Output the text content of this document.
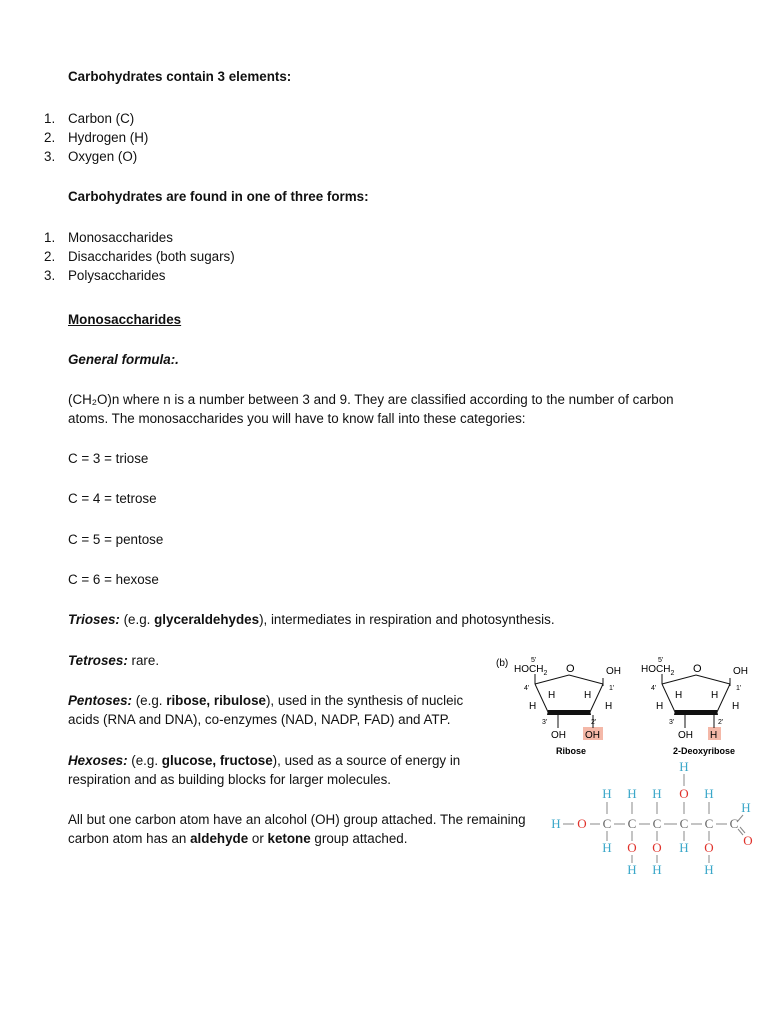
Carbohydrates contain 3 elements:
1. Carbon (C)
2. Hydrogen (H)
3. Oxygen (O)
Carbohydrates are found in one of three forms:
1. Monosaccharides
2. Disaccharides (both sugars)
3. Polysaccharides
Monosaccharides
General formula:.
(CH₂O)n where n is a number between 3 and 9. They are classified according to the number of carbon
atoms. The monosaccharides you will have to know fall into these categories:
C = 3 = triose
C = 4 = tetrose
C = 5 = pentose
C = 6 = hexose
Trioses: (e.g. glyceraldehydes), intermediates in respiration and photosynthesis.
Tetroses: rare.
Pentoses: (e.g. ribose, ribulose), used in the synthesis of nucleic
acids (RNA and DNA), co-enzymes (NAD, NADP, FAD) and ATP.
Hexoses: (e.g. glucose, fructose), used as a source of energy in
respiration and as building blocks for larger molecules.
All but one carbon atom have an alcohol (OH) group attached. The remaining
carbon atom has an aldehyde or ketone group attached.
(b)	5'
$HOCH_2$ O	OH
4'	1'
H	H
H	H
3'	2'
OH OH
Ribose
5'
$HOCH_2$ O	OH
4'	1'
H	H
H	H
3'	2'
OH H
2-Deoxyribose
H
H H H O H
H
H O C C C C C C
O
H O O H O
H H	H
